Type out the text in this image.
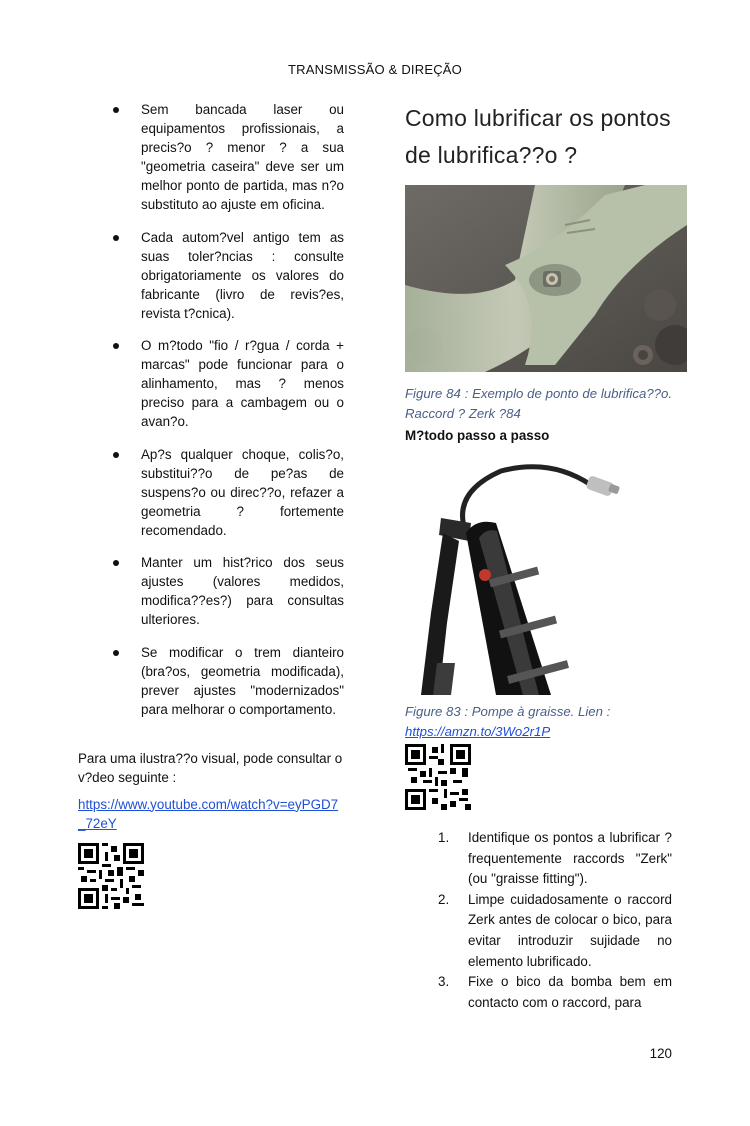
TRANSMISSÃO & DIREÇÃO
Sem bancada laser ou equipamentos profissionais, a precis?o ? menor ? a sua "geometria caseira" deve ser um melhor ponto de partida, mas n?o substituto ao ajuste em oficina.
Cada autom?vel antigo tem as suas toler?ncias : consulte obrigatoriamente os valores do fabricante (livro de revis?es, revista t?cnica).
O m?todo "fio / r?gua / corda + marcas" pode funcionar para o alinhamento, mas ? menos preciso para a cambagem ou o avan?o.
Ap?s qualquer choque, colis?o, substitui??o de pe?as de suspens?o ou direc??o, refazer a geometria ? fortemente recomendado.
Manter um hist?rico dos seus ajustes (valores medidos, modifica??es?) para consultas ulteriores.
Se modificar o trem dianteiro (bra?os, geometria modificada), prever ajustes "modernizados" para melhorar o comportamento.
Para uma ilustra??o visual, pode consultar o v?deo seguinte :
https://www.youtube.com/watch?v=eyPGD7_72eY
Como lubrificar os pontos de lubrifica??o ?
Figure 84 : Exemplo de ponto de lubrifica??o. Raccord ? Zerk ?84
M?todo passo a passo
Figure 83 : Pompe à graisse. Lien :
https://amzn.to/3Wo2r1P
1. Identifique os pontos a lubrificar ? frequentemente raccords "Zerk" (ou "graisse fitting").
2. Limpe cuidadosamente o raccord Zerk antes de colocar o bico, para evitar introduzir sujidade no elemento lubrificado.
3. Fixe o bico da bomba bem em contacto com o raccord, para
120
